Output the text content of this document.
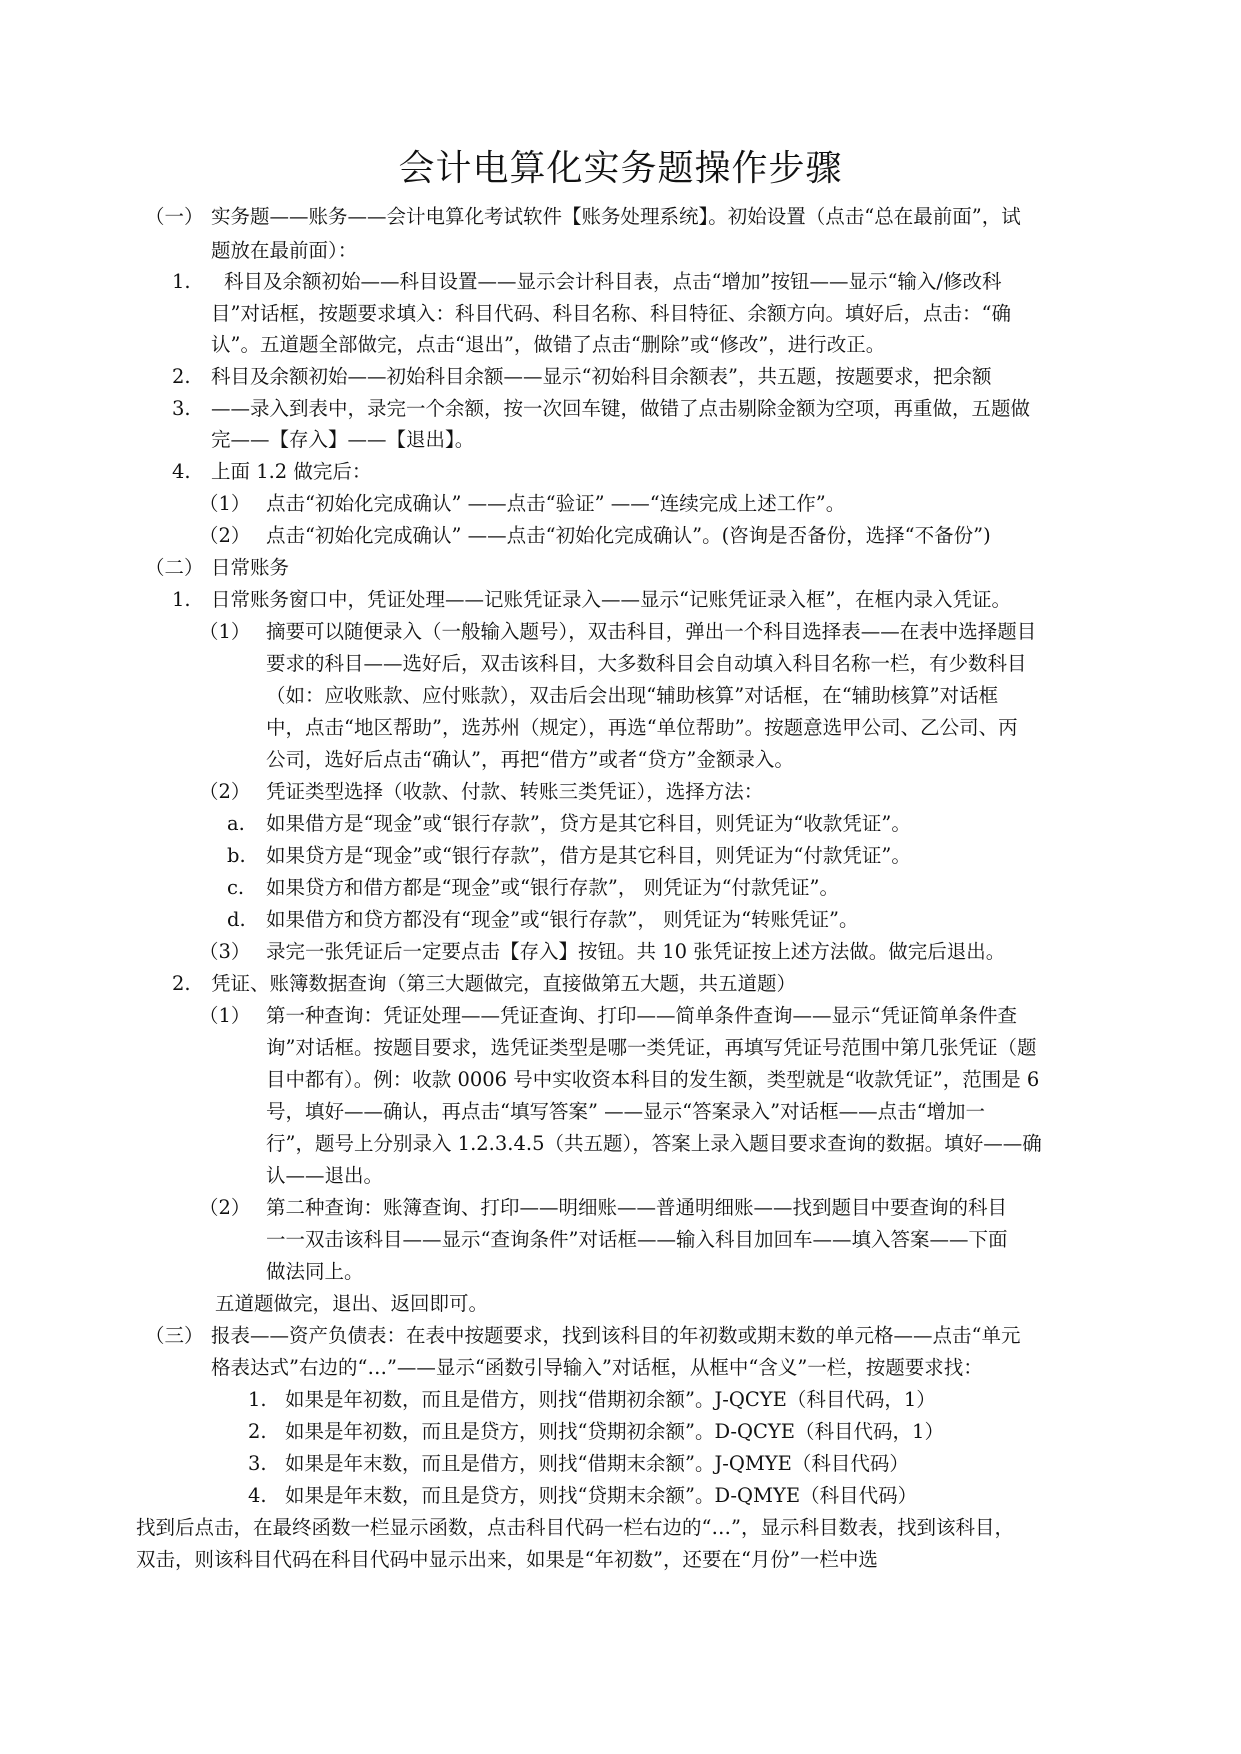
会计电算化实务题操作步骤
（一） 实务题——账务——会计电算化考试软件【账务处理系统】。初始设置（点击“总在最前面”，试
题放在最前面）：
1. 科目及余额初始——科目设置——显示会计科目表，点击“增加”按钮——显示“输入/修改科
目”对话框，按题要求填入：科目代码、科目名称、科目特征、余额方向。填好后，点击：“确
认”。五道题全部做完，点击“退出”，做错了点击“删除”或“修改”，进行改正。
2. 科目及余额初始——初始科目余额——显示“初始科目余额表”，共五题，按题要求，把余额
3. ——录入到表中，录完一个余额，按一次回车键，做错了点击剔除金额为空项，再重做，五题做
完——【存入】——【退出】。
4. 上面 1.2 做完后：
（1） 点击“初始化完成确认” ——点击“验证” ——“连续完成上述工作”。
（2） 点击“初始化完成确认” ——点击“初始化完成确认”。(咨询是否备份，选择“不备份”)
（二） 日常账务
1. 日常账务窗口中，凭证处理——记账凭证录入——显示“记账凭证录入框”，在框内录入凭证。
（1） 摘要可以随便录入（一般输入题号），双击科目，弹出一个科目选择表——在表中选择题目
要求的科目——选好后，双击该科目，大多数科目会自动填入科目名称一栏，有少数科目
（如：应收账款、应付账款），双击后会出现“辅助核算”对话框，在“辅助核算”对话框
中，点击“地区帮助”，选苏州（规定），再选“单位帮助”。按题意选甲公司、乙公司、丙
公司，选好后点击“确认”，再把“借方”或者“贷方”金额录入。
（2） 凭证类型选择（收款、付款、转账三类凭证），选择方法：
a. 如果借方是“现金”或“银行存款”，贷方是其它科目，则凭证为“收款凭证”。
b. 如果贷方是“现金”或“银行存款”，借方是其它科目，则凭证为“付款凭证”。
c. 如果贷方和借方都是“现金”或“银行存款”， 则凭证为“付款凭证”。
d. 如果借方和贷方都没有“现金”或“银行存款”， 则凭证为“转账凭证”。
（3） 录完一张凭证后一定要点击【存入】按钮。共 10 张凭证按上述方法做。做完后退出。
2. 凭证、账簿数据查询（第三大题做完，直接做第五大题，共五道题）
（1） 第一种查询：凭证处理——凭证查询、打印——简单条件查询——显示“凭证简单条件查
询”对话框。按题目要求，选凭证类型是哪一类凭证，再填写凭证号范围中第几张凭证（题
目中都有）。例：收款 0006 号中实收资本科目的发生额，类型就是“收款凭证”，范围是 6
号，填好——确认，再点击“填写答案” ——显示“答案录入”对话框——点击“增加一
行”，题号上分别录入 1.2.3.4.5（共五题），答案上录入题目要求查询的数据。填好——确
认——退出。
（2） 第二种查询：账簿查询、打印——明细账——普通明细账——找到题目中要查询的科目
一一双击该科目——显示“查询条件”对话框——输入科目加回车——填入答案——下面
做法同上。
五道题做完，退出、返回即可。
（三） 报表——资产负债表：在表中按题要求，找到该科目的年初数或期末数的单元格——点击“单元
格表达式”右边的“…”——显示“函数引导输入”对话框，从框中“含义”一栏，按题要求找：
1. 如果是年初数，而且是借方，则找“借期初余额”。J-QCYE（科目代码，1）
2. 如果是年初数，而且是贷方，则找“贷期初余额”。D-QCYE（科目代码，1）
3. 如果是年末数，而且是借方，则找“借期末余额”。J-QMYE（科目代码）
4. 如果是年末数，而且是贷方，则找“贷期末余额”。D-QMYE（科目代码）
找到后点击，在最终函数一栏显示函数，点击科目代码一栏右边的“…”，显示科目数表，找到该科目，
双击，则该科目代码在科目代码中显示出来，如果是“年初数”，还要在“月份”一栏中选
